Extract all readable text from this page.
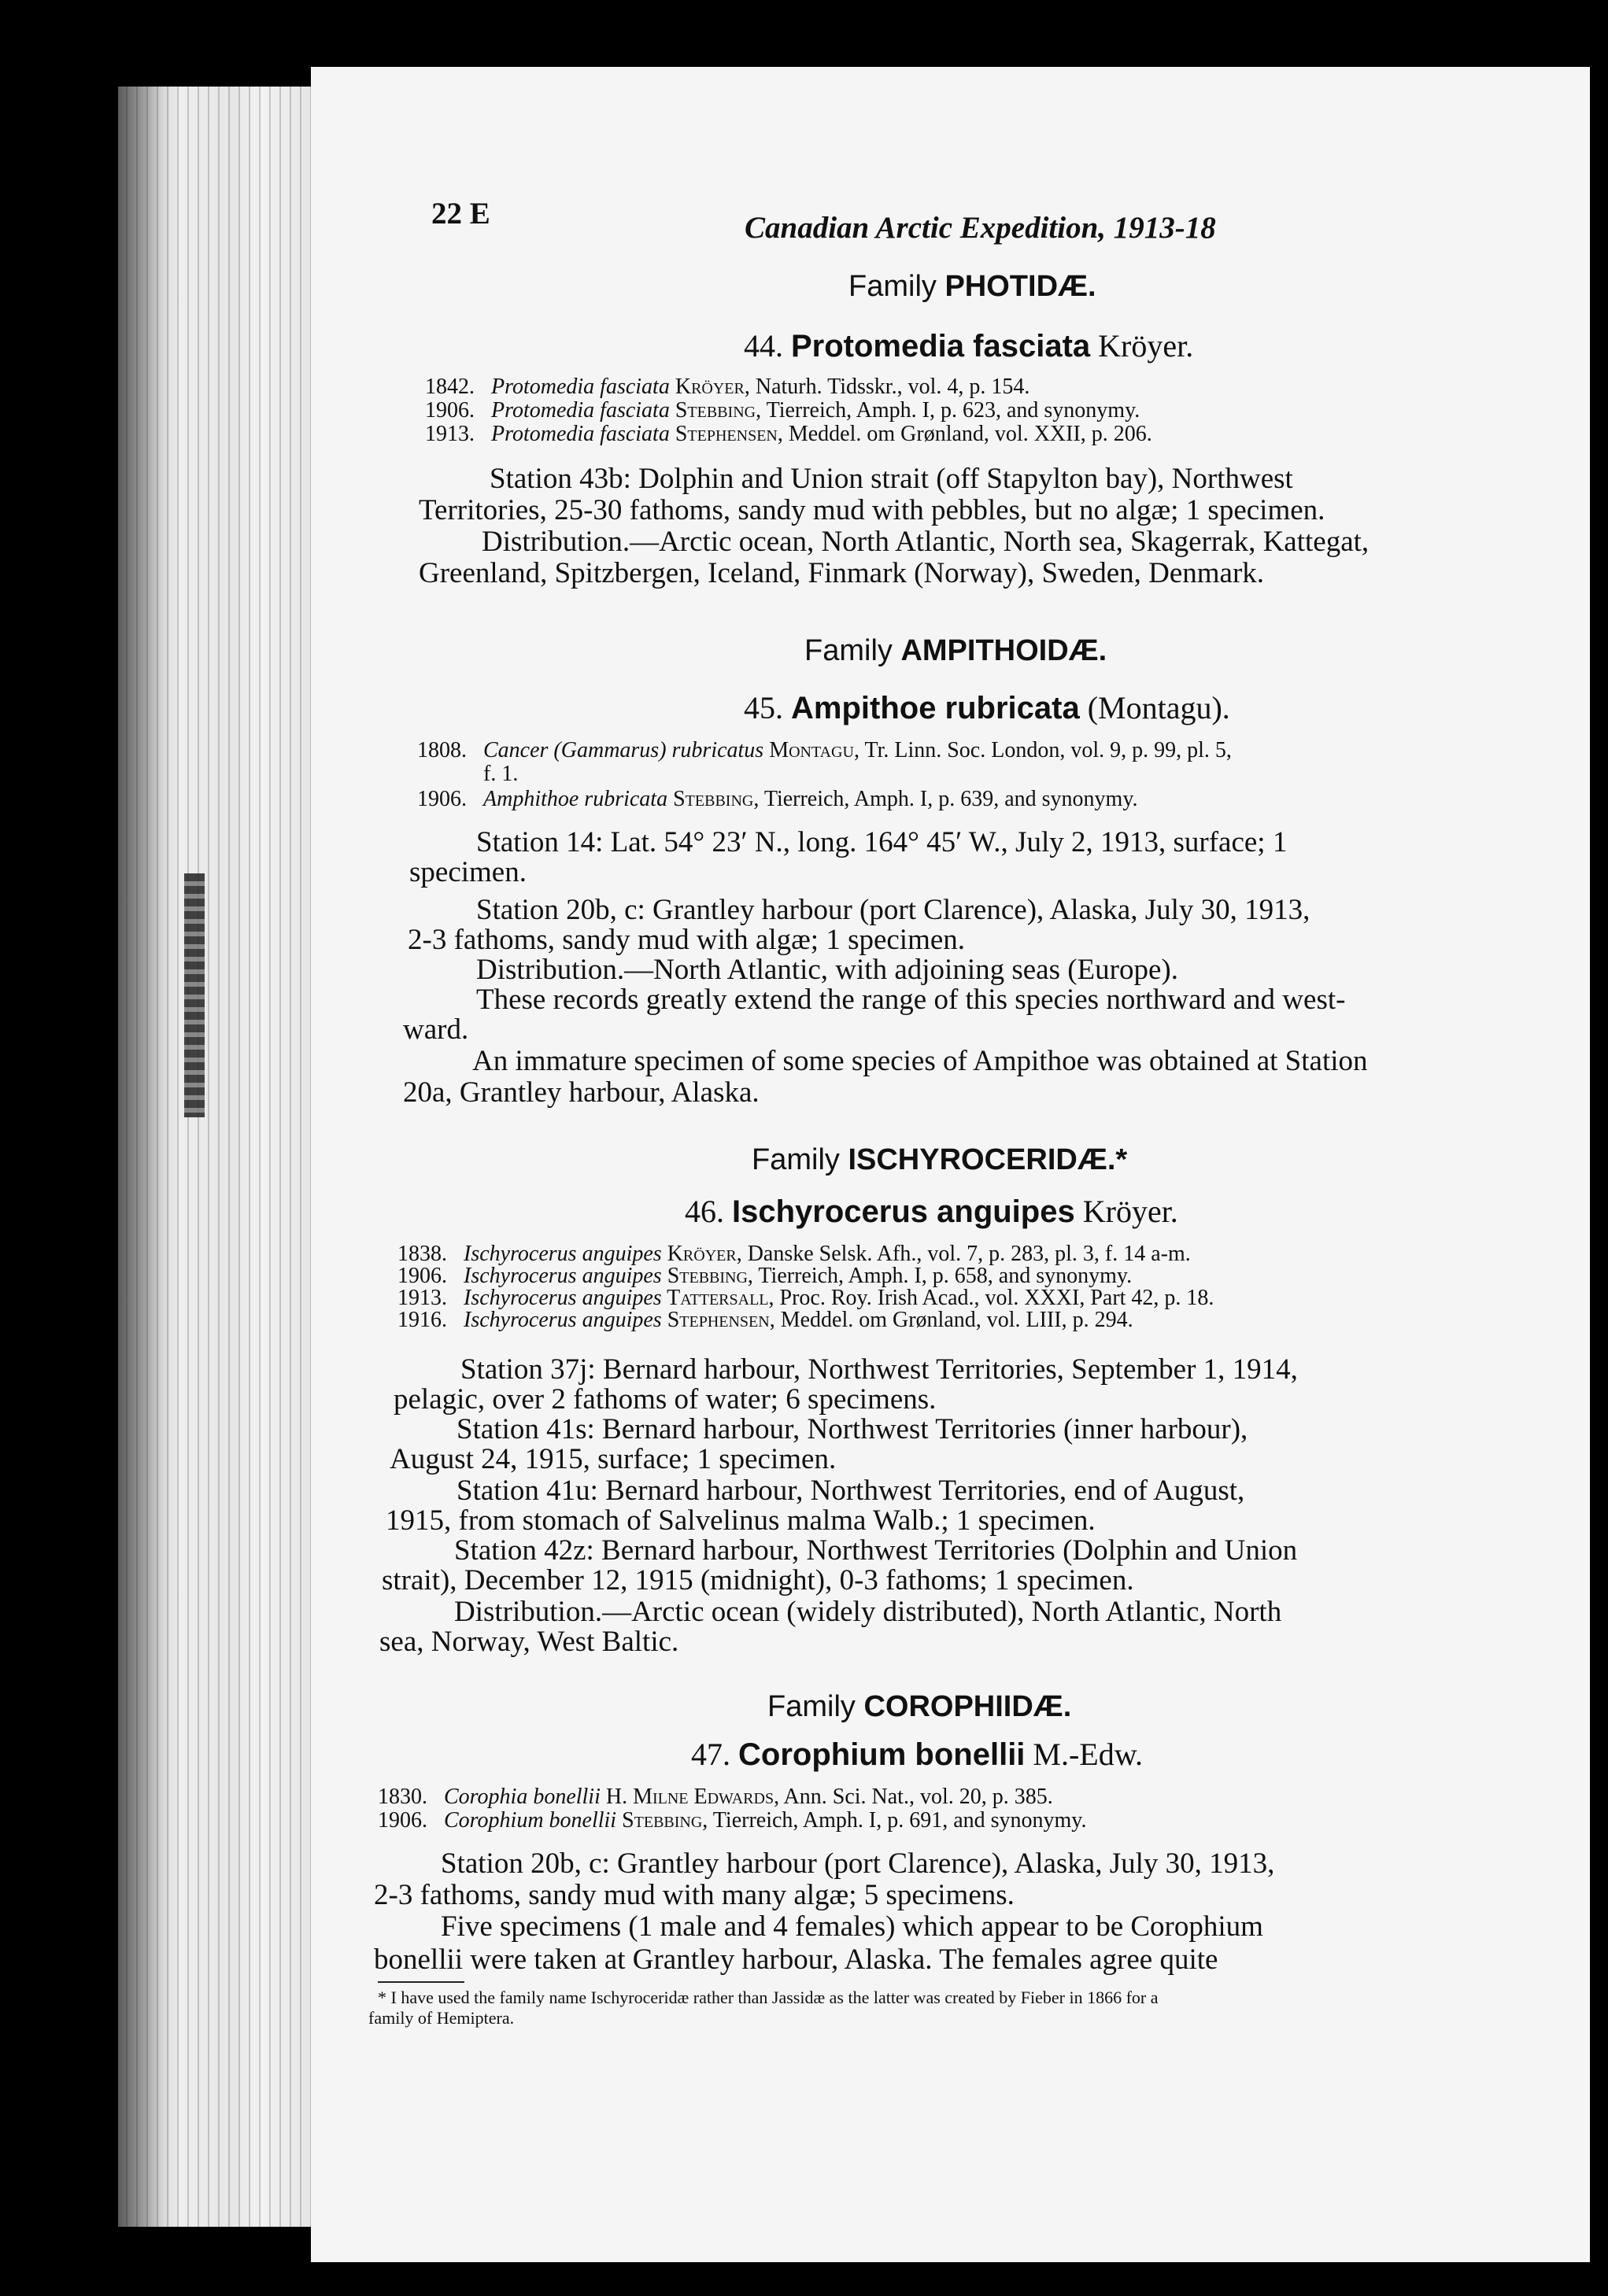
22 E	Canadian Arctic Expedition, 1913-18
Family PHOTIDÆ.
44. Protomedia fasciata Kröyer.
1842. Protomedia fasciata Kröyer, Naturh. Tidsskr., vol. 4, p. 154.
1906. Protomedia fasciata Stebbing, Tierreich, Amph. I, p. 623, and synonymy.
1913. Protomedia fasciata Stephensen, Meddel. om Grønland, vol. XXII, p. 206.
Station 43b: Dolphin and Union strait (off Stapylton bay), Northwest
Territories, 25-30 fathoms, sandy mud with pebbles, but no algæ; 1 specimen.
Distribution.—Arctic ocean, North Atlantic, North sea, Skagerrak, Kattegat,
Greenland, Spitzbergen, Iceland, Finmark (Norway), Sweden, Denmark.
Family AMPITHOIDÆ.
45. Ampithoe rubricata (Montagu).
1808. Cancer (Gammarus) rubricatus Montagu, Tr. Linn. Soc. London, vol. 9, p. 99, pl. 5,
f. 1.
1906. Amphithoe rubricata Stebbing, Tierreich, Amph. I, p. 639, and synonymy.
Station 14: Lat. 54° 23′ N., long. 164° 45′ W., July 2, 1913, surface; 1
specimen.
Station 20b, c: Grantley harbour (port Clarence), Alaska, July 30, 1913,
2-3 fathoms, sandy mud with algæ; 1 specimen.
Distribution.—North Atlantic, with adjoining seas (Europe).
These records greatly extend the range of this species northward and west-
ward.
An immature specimen of some species of Ampithoe was obtained at Station
20a, Grantley harbour, Alaska.
Family ISCHYROCERIDÆ.*
46. Ischyrocerus anguipes Kröyer.
1838. Ischyrocerus anguipes Kröyer, Danske Selsk. Afh., vol. 7, p. 283, pl. 3, f. 14 a-m.
1906. Ischyrocerus anguipes Stebbing, Tierreich, Amph. I, p. 658, and synonymy.
1913. Ischyrocerus anguipes Tattersall, Proc. Roy. Irish Acad., vol. XXXI, Part 42, p. 18.
1916. Ischyrocerus anguipes Stephensen, Meddel. om Grønland, vol. LIII, p. 294.
Station 37j: Bernard harbour, Northwest Territories, September 1, 1914,
pelagic, over 2 fathoms of water; 6 specimens.
Station 41s: Bernard harbour, Northwest Territories (inner harbour),
August 24, 1915, surface; 1 specimen.
Station 41u: Bernard harbour, Northwest Territories, end of August,
1915, from stomach of Salvelinus malma Walb.; 1 specimen.
Station 42z: Bernard harbour, Northwest Territories (Dolphin and Union
strait), December 12, 1915 (midnight), 0-3 fathoms; 1 specimen.
Distribution.—Arctic ocean (widely distributed), North Atlantic, North
sea, Norway, West Baltic.
Family COROPHIIDÆ.
47. Corophium bonellii M.-Edw.
1830. Corophia bonellii H. Milne Edwards, Ann. Sci. Nat., vol. 20, p. 385.
1906. Corophium bonellii Stebbing, Tierreich, Amph. I, p. 691, and synonymy.
Station 20b, c: Grantley harbour (port Clarence), Alaska, July 30, 1913,
2-3 fathoms, sandy mud with many algæ; 5 specimens.
Five specimens (1 male and 4 females) which appear to be Corophium
bonellii were taken at Grantley harbour, Alaska. The females agree quite
* I have used the family name Ischyroceridæ rather than Jassidæ as the latter was created by Fieber in 1866 for a
family of Hemiptera.
